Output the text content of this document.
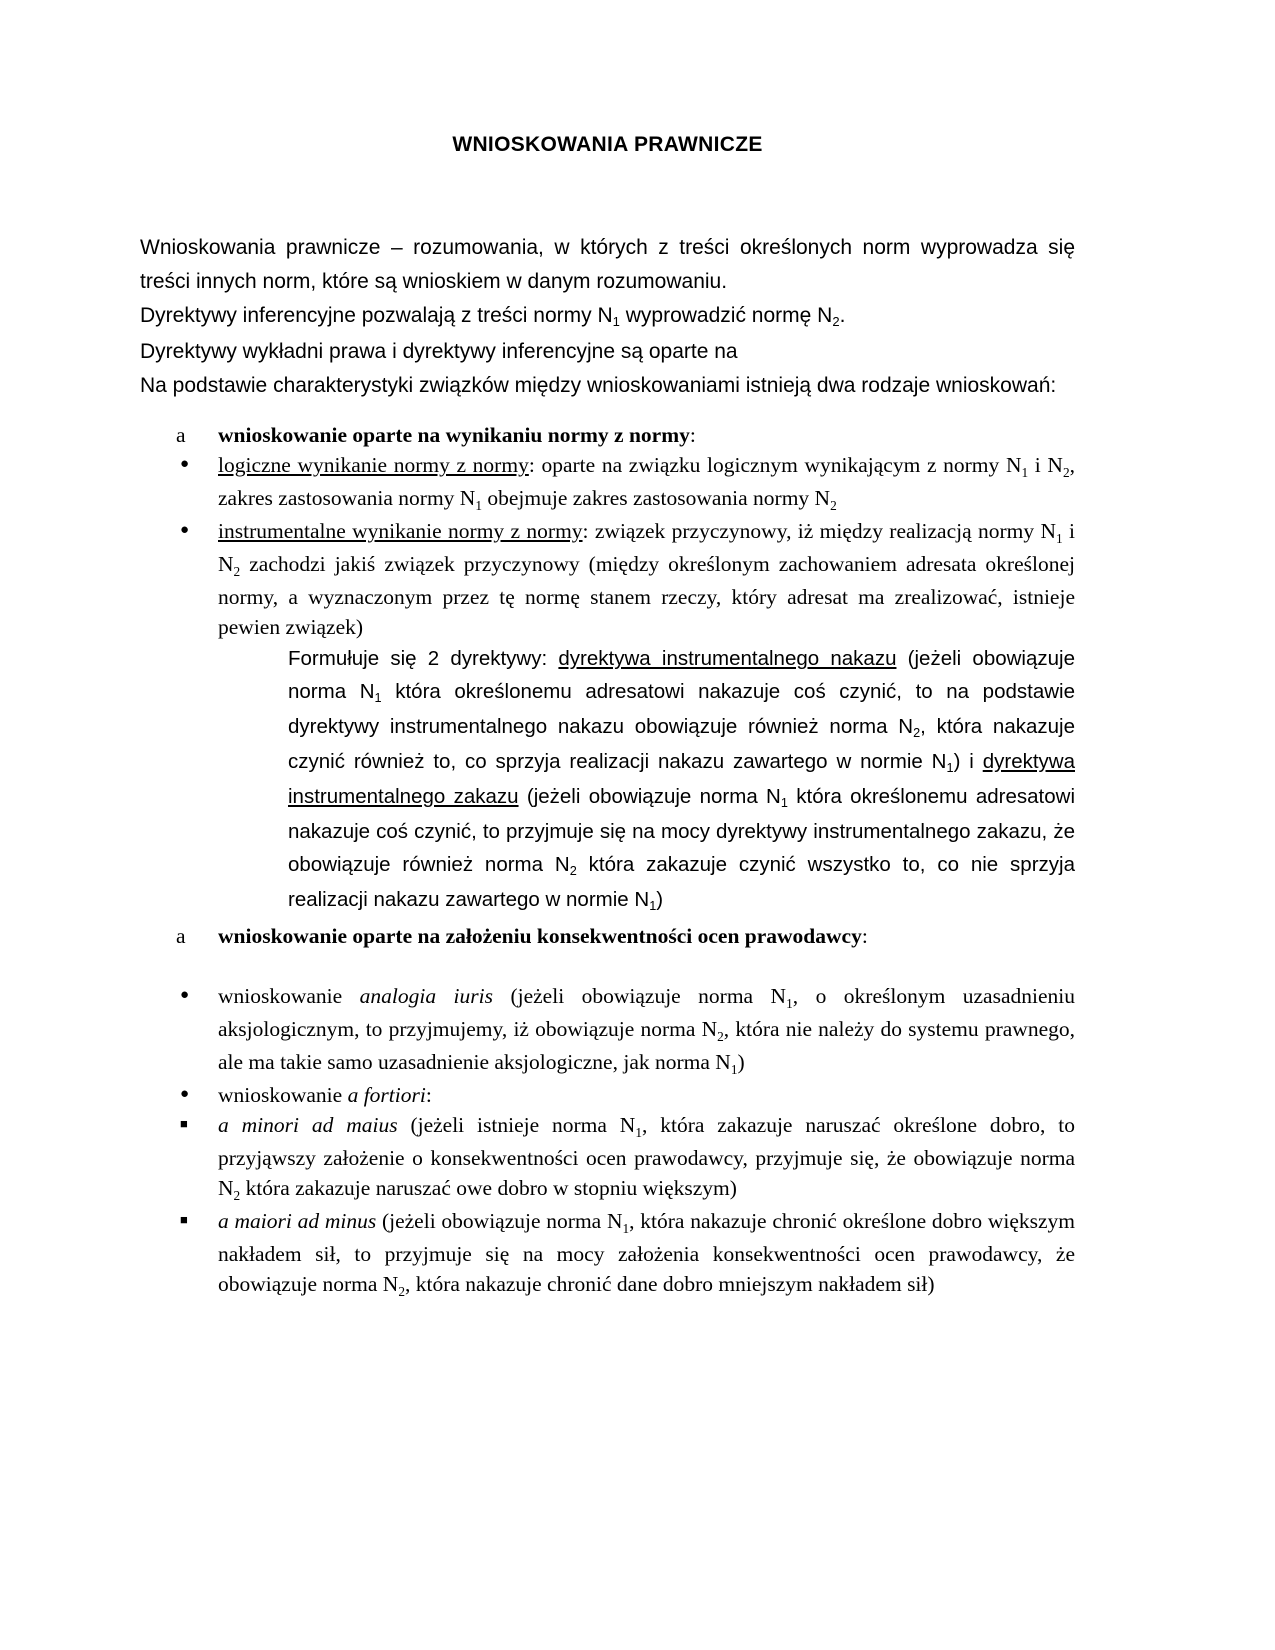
WNIOSKOWANIA PRAWNICZE

Wnioskowania prawnicze – rozumowania, w których z treści określonych norm wyprowadza się treści innych norm, które są wnioskiem w danym rozumowaniu.

Dyrektywy inferencyjne pozwalają z treści normy $N_1$ wyprowadzić normę $N_2$.

Dyrektywy wykładni prawa i dyrektywy inferencyjne są oparte na

Na podstawie charakterystyki związków między wnioskowaniami istnieją dwa rodzaje wnioskowań:

a wnioskowanie oparte na wynikaniu normy z normy:
● logiczne wynikanie normy z normy: oparte na związku logicznym wynikającym z normy $N_1$ i $N_2$, zakres zastosowania normy $N_1$ obejmuje zakres zastosowania normy $N_2$
● instrumentalne wynikanie normy z normy: związek przyczynowy, iż między realizacją normy $N_1$ i $N_2$ zachodzi jakiś związek przyczynowy (między określonym zachowaniem adresata określonej normy, a wyznaczonym przez tę normę stanem rzeczy, który adresat ma zrealizować, istnieje pewien związek)
Formułuje się 2 dyrektywy: dyrektywa instrumentalnego nakazu (jeżeli obowiązuje norma $N_1$ która określonemu adresatowi nakazuje coś czynić, to na podstawie dyrektywy instrumentalnego nakazu obowiązuje również norma $N_2$, która nakazuje czynić również to, co sprzyja realizacji nakazu zawartego w normie $N_1$) i dyrektywa instrumentalnego zakazu (jeżeli obowiązuje norma $N_1$ która określonemu adresatowi nakazuje coś czynić, to przyjmuje się na mocy dyrektywy instrumentalnego zakazu, że obowiązuje również norma $N_2$ która zakazuje czynić wszystko to, co nie sprzyja realizacji nakazu zawartego w normie $N_1$)
a wnioskowanie oparte na założeniu konsekwentności ocen prawodawcy:
● wnioskowanie analogia iuris (jeżeli obowiązuje norma $N_1$, o określonym uzasadnieniu aksjologicznym, to przyjmujemy, iż obowiązuje norma $N_2$, która nie należy do systemu prawnego, ale ma takie samo uzasadnienie aksjologiczne, jak norma $N_1$)
● wnioskowanie a fortiori:
■ a minori ad maius (jeżeli istnieje norma $N_1$, która zakazuje naruszać określone dobro, to przyjąwszy założenie o konsekwentności ocen prawodawcy, przyjmuje się, że obowiązuje norma $N_2$ która zakazuje naruszać owe dobro w stopniu większym)
■ a maiori ad minus (jeżeli obowiązuje norma $N_1$, która nakazuje chronić określone dobro większym nakładem sił, to przyjmuje się na mocy założenia konsekwentności ocen prawodawcy, że obowiązuje norma $N_2$, która nakazuje chronić dane dobro mniejszym nakładem sił)
